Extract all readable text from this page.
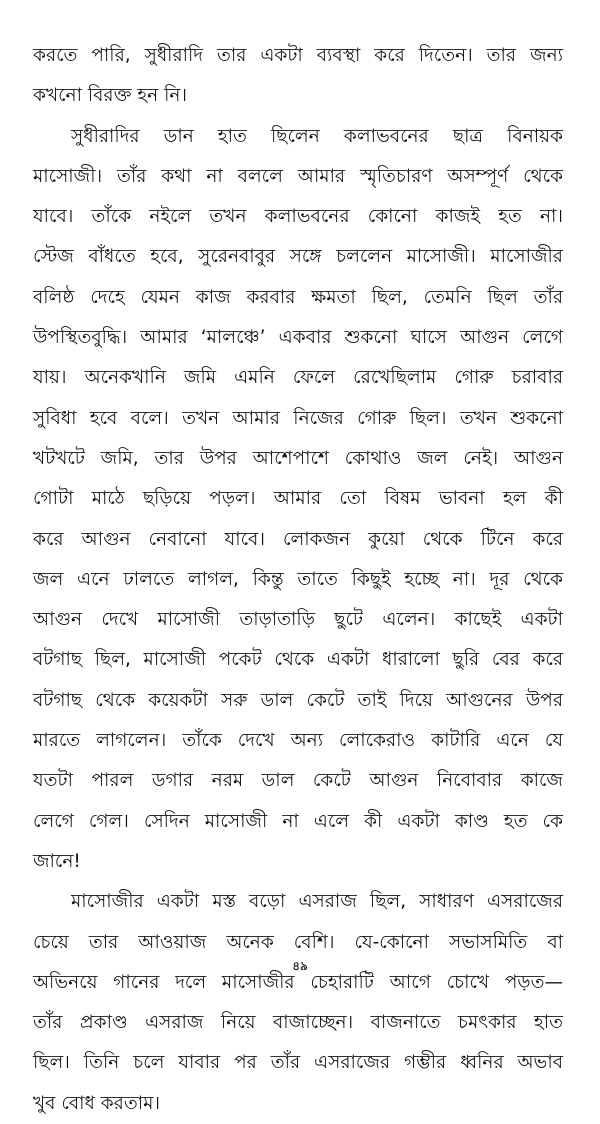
করতে পারি, সুধীরাদি তার একটা ব্যবস্থা করে দিতেন। তার জন্য
কখনো বিরক্ত হন নি।
সুধীরাদির ডান হাত ছিলেন কলাভবনের ছাত্র বিনায়ক
মাসোজী। তাঁর কথা না বললে আমার স্মৃতিচারণ অসম্পূর্ণ থেকে
যাবে। তাঁকে নইলে তখন কলাভবনের কোনো কাজই হত না।
স্টেজ বাঁধতে হবে, সুরেনবাবুর সঙ্গে চললেন মাসোজী। মাসোজীর
বলিষ্ঠ দেহে যেমন কাজ করবার ক্ষমতা ছিল, তেমনি ছিল তাঁর
উপস্থিতবুদ্ধি। আমার ‘মালঞ্চে’ একবার শুকনো ঘাসে আগুন লেগে
যায়। অনেকখানি জমি এমনি ফেলে রেখেছিলাম গোরু চরাবার
সুবিধা হবে বলে। তখন আমার নিজের গোরু ছিল। তখন শুকনো
খটখটে জমি, তার উপর আশেপাশে কোথাও জল নেই। আগুন
গোটা মাঠে ছড়িয়ে পড়ল। আমার তো বিষম ভাবনা হল কী
করে আগুন নেবানো যাবে। লোকজন কুয়ো থেকে টিনে করে
জল এনে ঢালতে লাগল, কিন্তু তাতে কিছুই হচ্ছে না। দূর থেকে
আগুন দেখে মাসোজী তাড়াতাড়ি ছুটে এলেন। কাছেই একটা
বটগাছ ছিল, মাসোজী পকেট থেকে একটা ধারালো ছুরি বের করে
বটগাছ থেকে কয়েকটা সরু ডাল কেটে তাই দিয়ে আগুনের উপর
মারতে লাগলেন। তাঁকে দেখে অন্য লোকেরাও কাটারি এনে যে
যতটা পারল ডগার নরম ডাল কেটে আগুন নিবোবার কাজে
লেগে গেল। সেদিন মাসোজী না এলে কী একটা কাণ্ড হত কে
জানে!
মাসোজীর একটা মস্ত বড়ো এসরাজ ছিল, সাধারণ এসরাজের
চেয়ে তার আওয়াজ অনেক বেশি। যে-কোনো সভাসমিতি বা
অভিনয়ে গানের দলে মাসোজীর চেহারাটি আগে চোখে পড়ত—
তাঁর প্রকাণ্ড এসরাজ নিয়ে বাজাচ্ছেন। বাজনাতে চমৎকার হাত
ছিল। তিনি চলে যাবার পর তাঁর এসরাজের গম্ভীর ধ্বনির অভাব
খুব বোধ করতাম।
৪৯
